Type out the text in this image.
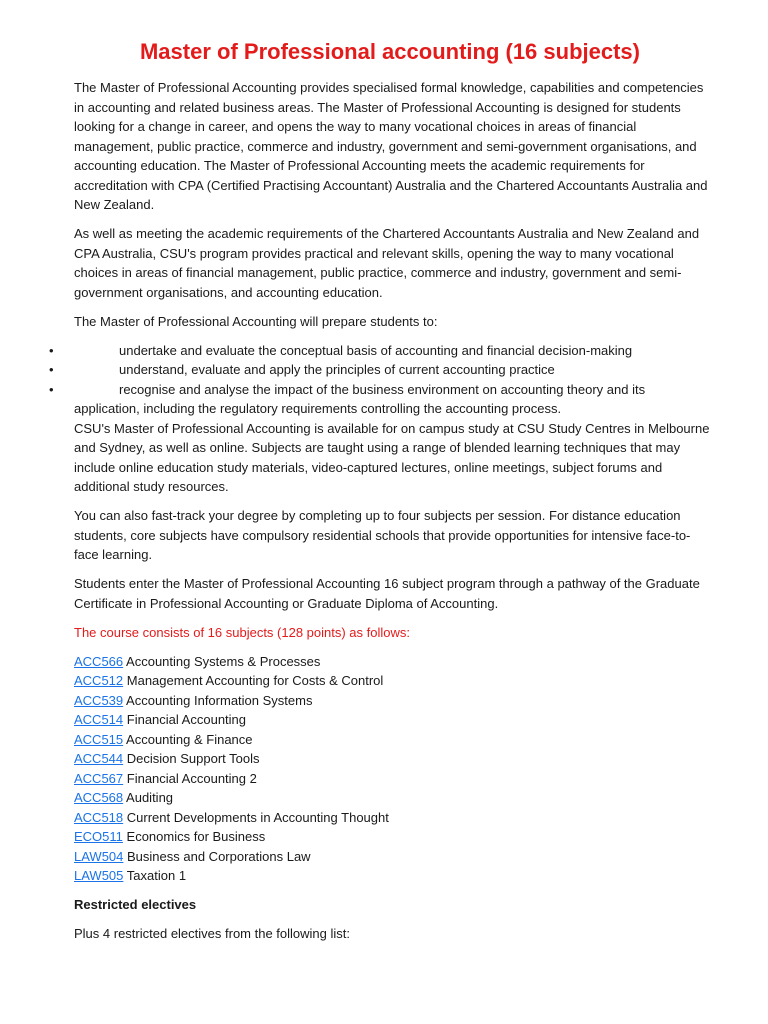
Master of Professional accounting (16 subjects)

The Master of Professional Accounting provides specialised formal knowledge, capabilities and competencies in accounting and related business areas. The Master of Professional Accounting is designed for students looking for a change in career, and opens the way to many vocational choices in areas of financial management, public practice, commerce and industry, government and semi-government organisations, and accounting education. The Master of Professional Accounting meets the academic requirements for accreditation with CPA (Certified Practising Accountant) Australia and the Chartered Accountants Australia and New Zealand.

As well as meeting the academic requirements of the Chartered Accountants Australia and New Zealand and CPA Australia, CSU's program provides practical and relevant skills, opening the way to many vocational choices in areas of financial management, public practice, commerce and industry, government and semi-government organisations, and accounting education.

The Master of Professional Accounting will prepare students to:

• undertake and evaluate the conceptual basis of accounting and financial decision-making
• understand, evaluate and apply the principles of current accounting practice
• recognise and analyse the impact of the business environment on accounting theory and its application, including the regulatory requirements controlling the accounting process.

CSU's Master of Professional Accounting is available for on campus study at CSU Study Centres in Melbourne and Sydney, as well as online. Subjects are taught using a range of blended learning techniques that may include online education study materials, video-captured lectures, online meetings, subject forums and additional study resources.

You can also fast-track your degree by completing up to four subjects per session. For distance education students, core subjects have compulsory residential schools that provide opportunities for intensive face-to-face learning.

Students enter the Master of Professional Accounting 16 subject program through a pathway of the Graduate Certificate in Professional Accounting or Graduate Diploma of Accounting.

The course consists of 16 subjects (128 points) as follows:

ACC566 Accounting Systems & Processes
ACC512 Management Accounting for Costs & Control
ACC539 Accounting Information Systems
ACC514 Financial Accounting
ACC515 Accounting & Finance
ACC544 Decision Support Tools
ACC567 Financial Accounting 2
ACC568 Auditing
ACC518 Current Developments in Accounting Thought
ECO511 Economics for Business
LAW504 Business and Corporations Law
LAW505 Taxation 1

Restricted electives

Plus 4 restricted electives from the following list:
